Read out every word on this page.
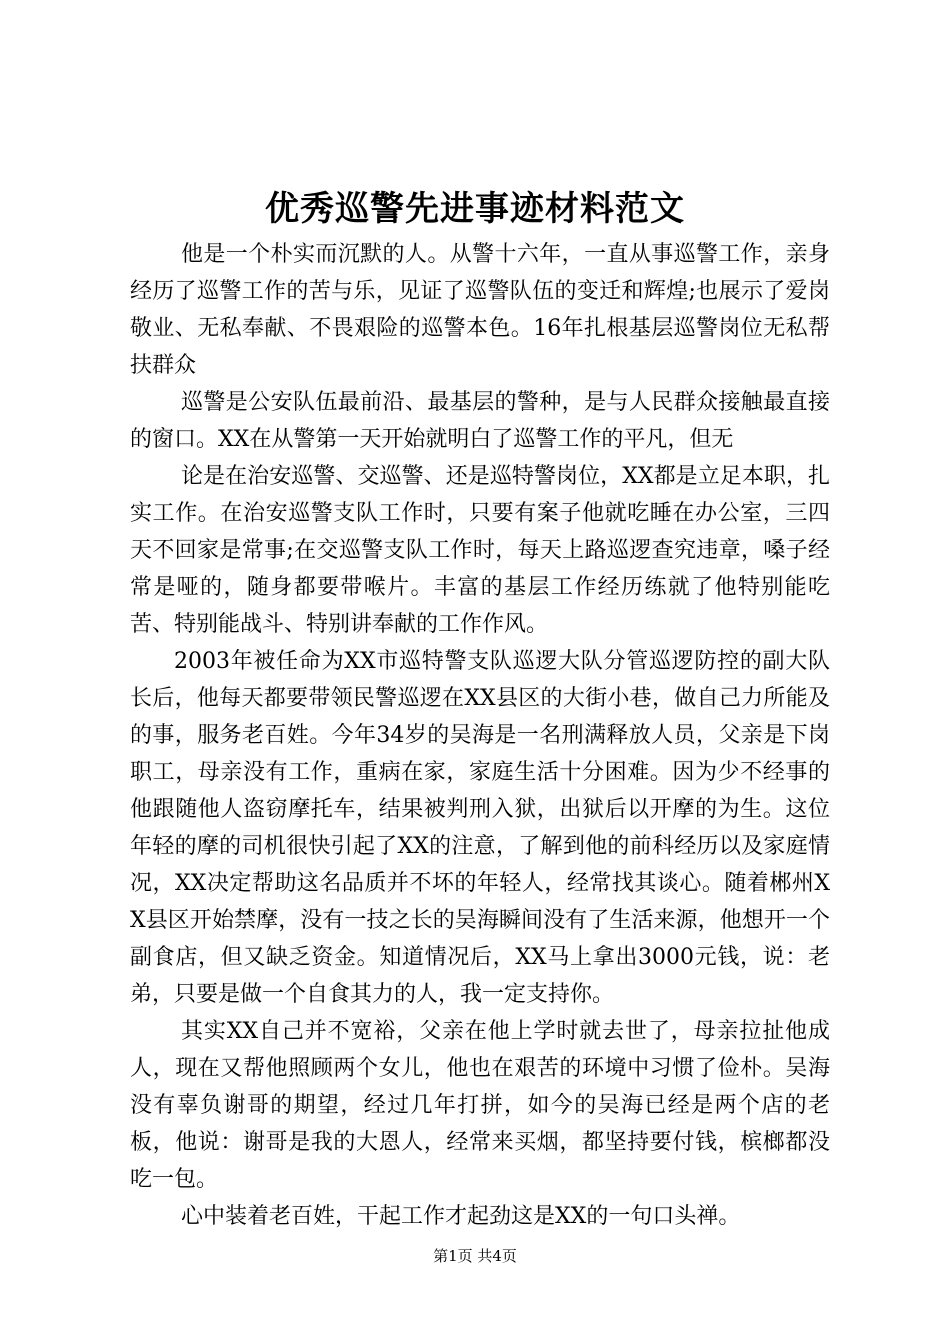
优秀巡警先进事迹材料范文

他是一个朴实而沉默的人。从警十六年，一直从事巡警工作，亲身经历了巡警工作的苦与乐，见证了巡警队伍的变迁和辉煌;也展示了爱岗敬业、无私奉献、不畏艰险的巡警本色。16年扎根基层巡警岗位无私帮扶群众

巡警是公安队伍最前沿、最基层的警种，是与人民群众接触最直接的窗口。XX在从警第一天开始就明白了巡警工作的平凡，但无

论是在治安巡警、交巡警、还是巡特警岗位，XX都是立足本职，扎实工作。在治安巡警支队工作时，只要有案子他就吃睡在办公室，三四天不回家是常事;在交巡警支队工作时，每天上路巡逻查究违章，嗓子经常是哑的，随身都要带喉片。丰富的基层工作经历练就了他特别能吃苦、特别能战斗、特别讲奉献的工作作风。

2003年被任命为XX市巡特警支队巡逻大队分管巡逻防控的副大队长后，他每天都要带领民警巡逻在XX县区的大街小巷，做自己力所能及的事，服务老百姓。今年34岁的吴海是一名刑满释放人员，父亲是下岗职工，母亲没有工作，重病在家，家庭生活十分困难。因为少不经事的他跟随他人盗窃摩托车，结果被判刑入狱，出狱后以开摩的为生。这位年轻的摩的司机很快引起了XX的注意，了解到他的前科经历以及家庭情况，XX决定帮助这名品质并不坏的年轻人，经常找其谈心。随着郴州XX县区开始禁摩，没有一技之长的吴海瞬间没有了生活来源，他想开一个副食店，但又缺乏资金。知道情况后，XX马上拿出3000元钱，说：老弟，只要是做一个自食其力的人，我一定支持你。

其实XX自己并不宽裕，父亲在他上学时就去世了，母亲拉扯他成人，现在又帮他照顾两个女儿，他也在艰苦的环境中习惯了俭朴。吴海没有辜负谢哥的期望，经过几年打拼，如今的吴海已经是两个店的老板，他说：谢哥是我的大恩人，经常来买烟，都坚持要付钱，槟榔都没吃一包。

心中装着老百姓，干起工作才起劲这是XX的一句口头禅。

第1页 共4页
